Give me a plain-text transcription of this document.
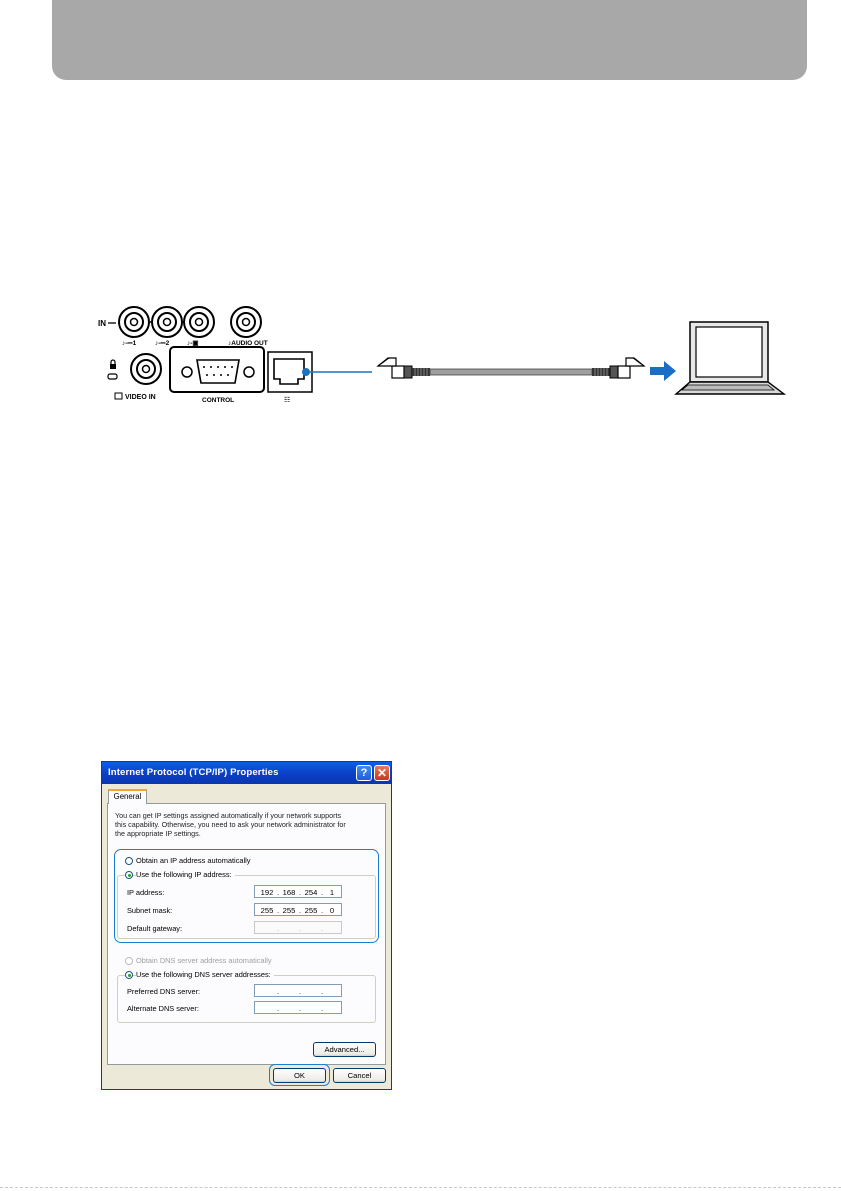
IN
♪-⎓1	♪-⎓2	♪-▣	♪AUDIO OUT
VIDEO IN	CONTROL	☷
Internet Protocol (TCP/IP) Properties	? ✕
General
You can get IP settings assigned automatically if your network supports
this capability. Otherwise, you need to ask your network administrator for
the appropriate IP settings.
Obtain an IP address automatically
Use the following IP address:
IP address:	192 . 168 . 254 . 1
Subnet mask:	255 . 255 . 255 . 0
Default gateway:	.	.	.
Obtain DNS server address automatically
Use the following DNS server addresses:
Preferred DNS server:	.	.	.
Alternate DNS server:	.	.	.
Advanced...
OK	Cancel
